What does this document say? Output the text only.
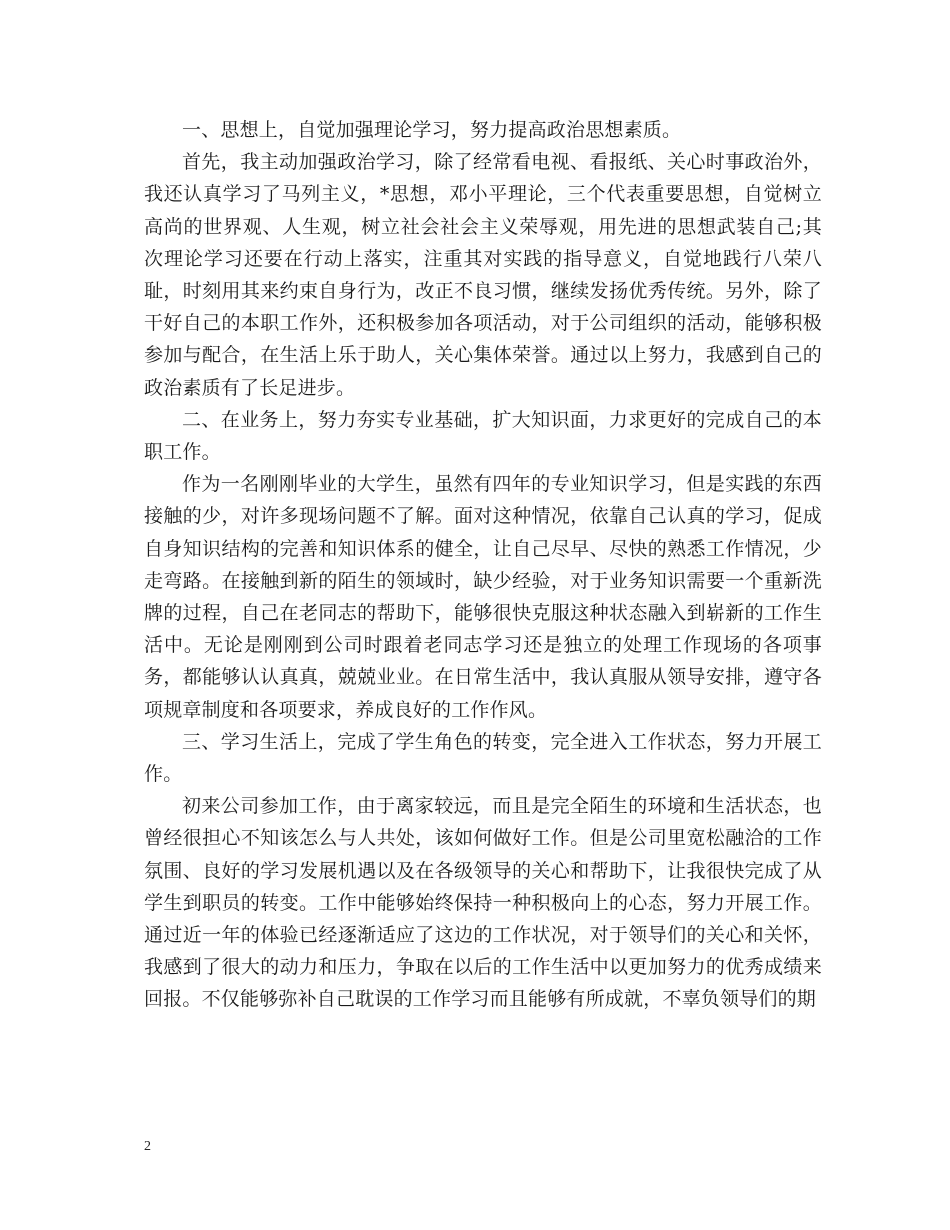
一、思想上，自觉加强理论学习，努力提高政治思想素质。

首先，我主动加强政治学习，除了经常看电视、看报纸、关心时事政治外，我还认真学习了马列主义，*思想，邓小平理论，三个代表重要思想，自觉树立高尚的世界观、人生观，树立社会社会主义荣辱观，用先进的思想武装自己;其次理论学习还要在行动上落实，注重其对实践的指导意义，自觉地践行八荣八耻，时刻用其来约束自身行为，改正不良习惯，继续发扬优秀传统。另外，除了干好自己的本职工作外，还积极参加各项活动，对于公司组织的活动，能够积极参加与配合，在生活上乐于助人，关心集体荣誉。通过以上努力，我感到自己的政治素质有了长足进步。

二、在业务上，努力夯实专业基础，扩大知识面，力求更好的完成自己的本职工作。

作为一名刚刚毕业的大学生，虽然有四年的专业知识学习，但是实践的东西接触的少，对许多现场问题不了解。面对这种情况，依靠自己认真的学习，促成自身知识结构的完善和知识体系的健全，让自己尽早、尽快的熟悉工作情况，少走弯路。在接触到新的陌生的领域时，缺少经验，对于业务知识需要一个重新洗牌的过程，自己在老同志的帮助下，能够很快克服这种状态融入到崭新的工作生活中。无论是刚刚到公司时跟着老同志学习还是独立的处理工作现场的各项事务，都能够认认真真，兢兢业业。在日常生活中，我认真服从领导安排，遵守各项规章制度和各项要求，养成良好的工作作风。

三、学习生活上，完成了学生角色的转变，完全进入工作状态，努力开展工作。

初来公司参加工作，由于离家较远，而且是完全陌生的环境和生活状态，也曾经很担心不知该怎么与人共处，该如何做好工作。但是公司里宽松融洽的工作氛围、良好的学习发展机遇以及在各级领导的关心和帮助下，让我很快完成了从学生到职员的转变。工作中能够始终保持一种积极向上的心态，努力开展工作。通过近一年的体验已经逐渐适应了这边的工作状况，对于领导们的关心和关怀，我感到了很大的动力和压力，争取在以后的工作生活中以更加努力的优秀成绩来回报。不仅能够弥补自己耽误的工作学习而且能够有所成就，不辜负领导们的期

2
